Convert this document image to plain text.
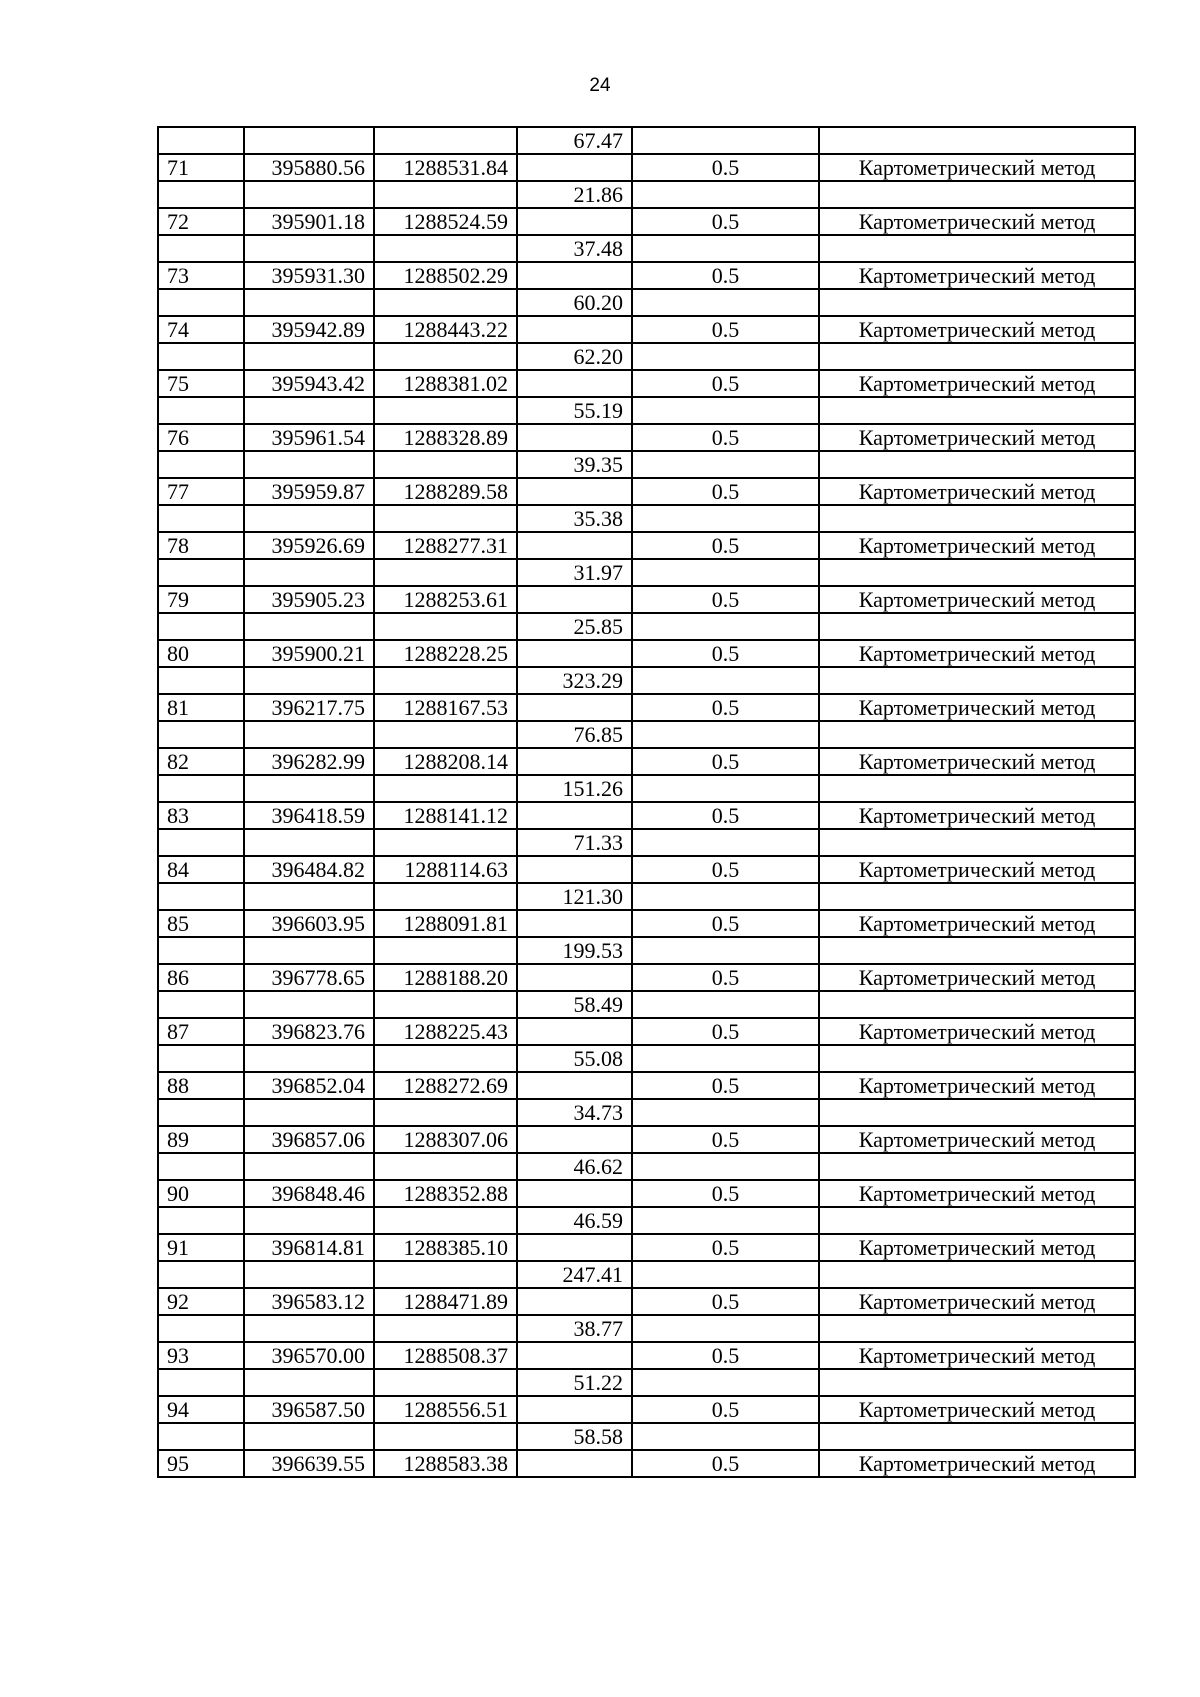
24
			67.47		
71	395880.56	1288531.84		0.5	Картометрический метод
			21.86		
72	395901.18	1288524.59		0.5	Картометрический метод
			37.48		
73	395931.30	1288502.29		0.5	Картометрический метод
			60.20		
74	395942.89	1288443.22		0.5	Картометрический метод
			62.20		
75	395943.42	1288381.02		0.5	Картометрический метод
			55.19		
76	395961.54	1288328.89		0.5	Картометрический метод
			39.35		
77	395959.87	1288289.58		0.5	Картометрический метод
			35.38		
78	395926.69	1288277.31		0.5	Картометрический метод
			31.97		
79	395905.23	1288253.61		0.5	Картометрический метод
			25.85		
80	395900.21	1288228.25		0.5	Картометрический метод
			323.29		
81	396217.75	1288167.53		0.5	Картометрический метод
			76.85		
82	396282.99	1288208.14		0.5	Картометрический метод
			151.26		
83	396418.59	1288141.12		0.5	Картометрический метод
			71.33		
84	396484.82	1288114.63		0.5	Картометрический метод
			121.30		
85	396603.95	1288091.81		0.5	Картометрический метод
			199.53		
86	396778.65	1288188.20		0.5	Картометрический метод
			58.49		
87	396823.76	1288225.43		0.5	Картометрический метод
			55.08		
88	396852.04	1288272.69		0.5	Картометрический метод
			34.73		
89	396857.06	1288307.06		0.5	Картометрический метод
			46.62		
90	396848.46	1288352.88		0.5	Картометрический метод
			46.59		
91	396814.81	1288385.10		0.5	Картометрический метод
			247.41		
92	396583.12	1288471.89		0.5	Картометрический метод
			38.77		
93	396570.00	1288508.37		0.5	Картометрический метод
			51.22		
94	396587.50	1288556.51		0.5	Картометрический метод
			58.58		
95	396639.55	1288583.38		0.5	Картометрический метод
